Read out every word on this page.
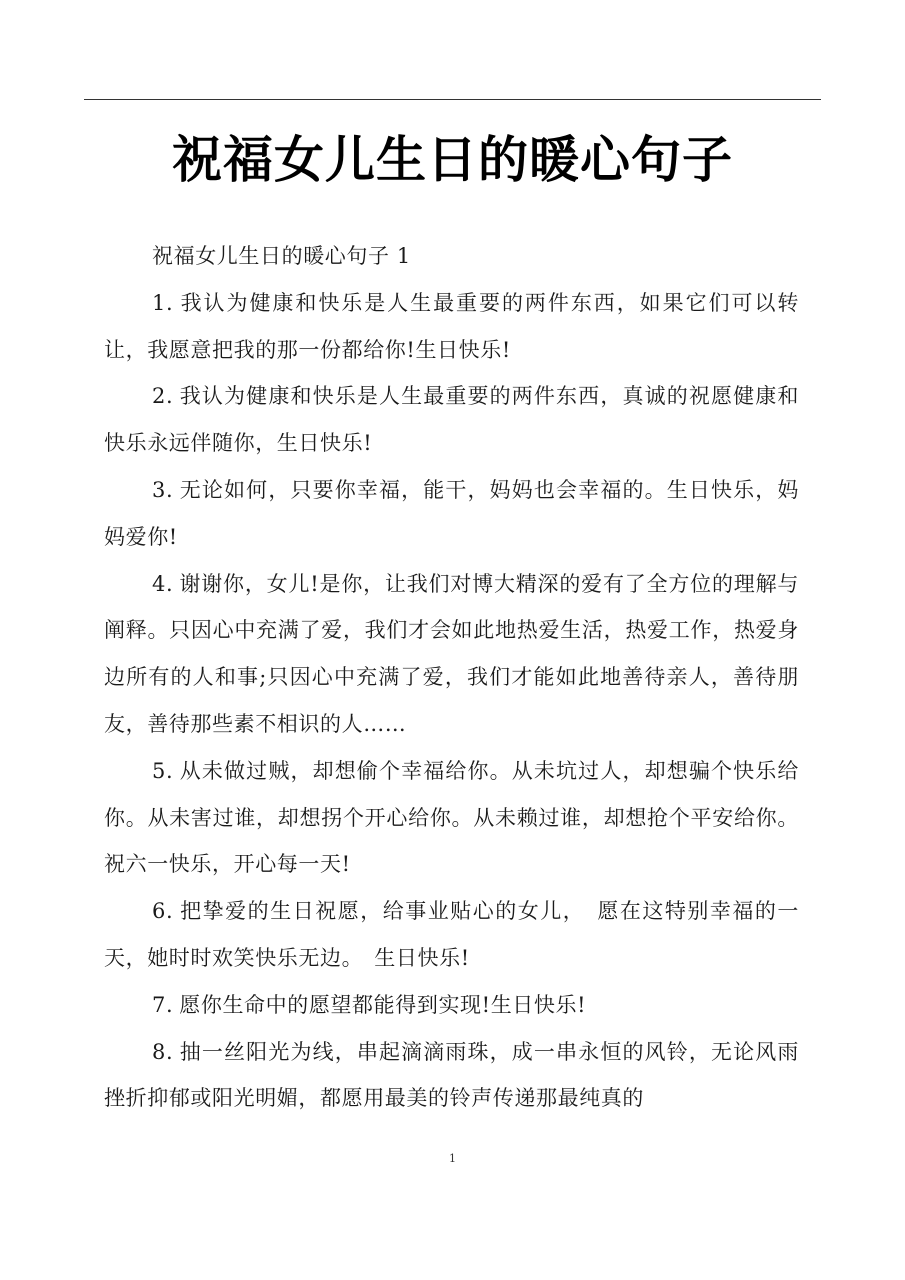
祝福女儿生日的暖心句子

祝福女儿生日的暖心句子 1

1. 我认为健康和快乐是人生最重要的两件东西，如果它们可以转让，我愿意把我的那一份都给你!生日快乐!

2. 我认为健康和快乐是人生最重要的两件东西，真诚的祝愿健康和快乐永远伴随你，生日快乐!

3. 无论如何，只要你幸福，能干，妈妈也会幸福的。生日快乐，妈妈爱你!

4. 谢谢你，女儿!是你，让我们对博大精深的爱有了全方位的理解与阐释。只因心中充满了爱，我们才会如此地热爱生活，热爱工作，热爱身边所有的人和事;只因心中充满了爱，我们才能如此地善待亲人，善待朋友，善待那些素不相识的人……

5. 从未做过贼，却想偷个幸福给你。从未坑过人，却想骗个快乐给你。从未害过谁，却想拐个开心给你。从未赖过谁，却想抢个平安给你。祝六一快乐，开心每一天!

6. 把挚爱的生日祝愿，给事业贴心的女儿，　愿在这特别幸福的一天，她时时欢笑快乐无边。　生日快乐!

7. 愿你生命中的愿望都能得到实现!生日快乐!

8. 抽一丝阳光为线，串起滴滴雨珠，成一串永恒的风铃，无论风雨挫折抑郁或阳光明媚，都愿用最美的铃声传递那最纯真的

1
